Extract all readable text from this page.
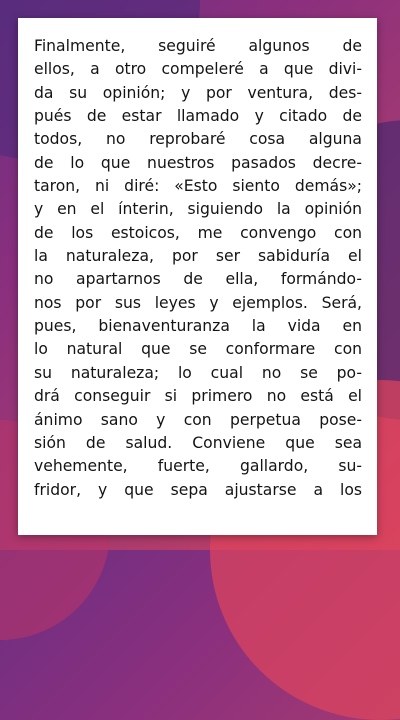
Finalmente, seguiré algunos de
ellos, a otro compeleré a que divi-
da su opinión; y por ventura, des-
pués de estar llamado y citado de
todos, no reprobaré cosa alguna
de lo que nuestros pasados decre-
taron, ni diré: «Esto siento demás»;
y en el ínterin, siguiendo la opinión
de los estoicos, me convengo con
la naturaleza, por ser sabiduría el
no apartarnos de ella, formándo-
nos por sus leyes y ejemplos. Será,
pues, bienaventuranza la vida en
lo natural que se conformare con
su naturaleza; lo cual no se po-
drá conseguir si primero no está el
ánimo sano y con perpetua pose-
sión de salud. Conviene que sea
vehemente, fuerte, gallardo, su-
fridor, y que sepa ajustarse a los
